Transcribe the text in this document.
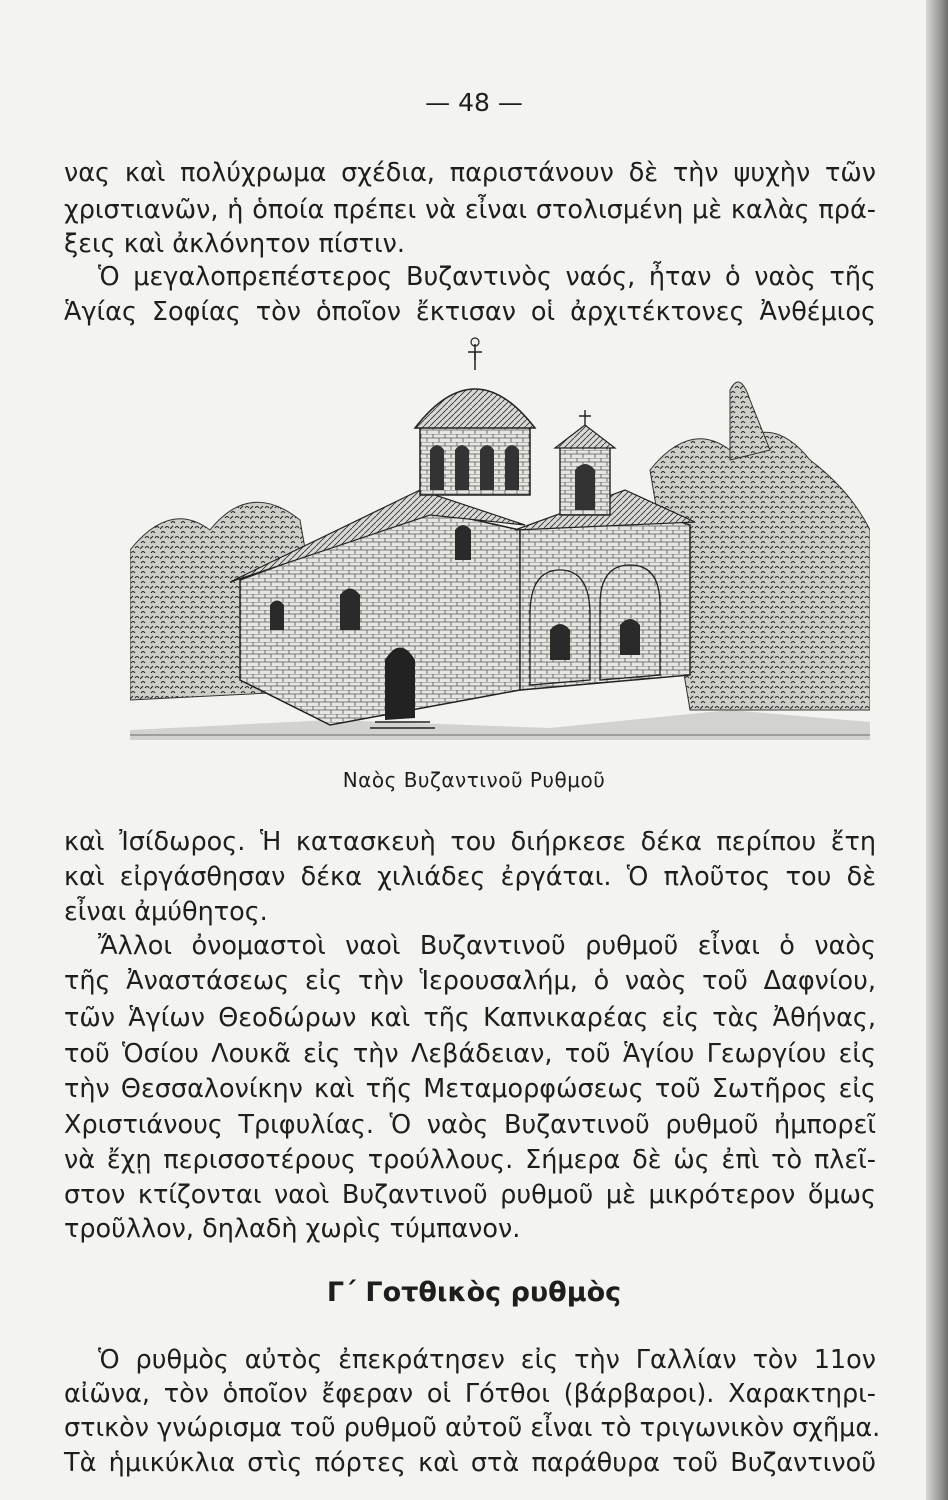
— 48 —
νας καὶ πολύχρωμα σχέδια, παριστάνουν δὲ τὴν ψυχὴν τῶν
χριστιανῶν, ἡ ὁποία πρέπει νὰ εἶναι στολισμένη μὲ καλὰς πρά-
ξεις καὶ ἀκλόνητον πίστιν.
Ὁ μεγαλοπρεπέστερος Βυζαντινὸς ναός, ἦταν ὁ ναὸς τῆς
Ἁγίας Σοφίας τὸν ὁποῖον ἔκτισαν οἱ ἀρχιτέκτονες Ἀνθέμιος
Ναὸς Βυζαντινοῦ Ρυθμοῦ
καὶ Ἰσίδωρος. Ἡ κατασκευὴ του διήρκεσε δέκα περίπου ἔτη
καὶ εἰργάσθησαν δέκα χιλιάδες ἐργάται. Ὁ πλοῦτος του δὲ
εἶναι ἀμύθητος.
Ἄλλοι ὀνομαστοὶ ναοὶ Βυζαντινοῦ ρυθμοῦ εἶναι ὁ ναὸς
τῆς Ἀναστάσεως εἰς τὴν Ἱερουσαλήμ, ὁ ναὸς τοῦ Δαφνίου,
τῶν Ἁγίων Θεοδώρων καὶ τῆς Καπνικαρέας εἰς τὰς Ἀθήνας,
τοῦ Ὁσίου Λουκᾶ εἰς τὴν Λεβάδειαν, τοῦ Ἁγίου Γεωργίου εἰς
τὴν Θεσσαλονίκην καὶ τῆς Μεταμορφώσεως τοῦ Σωτῆρος εἰς
Χριστιάνους Τριφυλίας. Ὁ ναὸς Βυζαντινοῦ ρυθμοῦ ἠμπορεῖ
νὰ ἔχῃ περισσοτέρους τρούλλους. Σήμερα δὲ ὡς ἐπὶ τὸ πλεῖ-
στον κτίζονται ναοὶ Βυζαντινοῦ ρυθμοῦ μὲ μικρότερον ὅμως
τροῦλλον, δηλαδὴ χωρὶς τύμπανον.
Γ΄ Γοτθικὸς ρυθμὸς
Ὁ ρυθμὸς αὐτὸς ἐπεκράτησεν εἰς τὴν Γαλλίαν τὸν 11ον
αἰῶνα, τὸν ὁποῖον ἔφεραν οἱ Γότθοι (βάρβαροι). Χαρακτηρι-
στικὸν γνώρισμα τοῦ ρυθμοῦ αὐτοῦ εἶναι τὸ τριγωνικὸν σχῆμα.
Τὰ ἡμικύκλια στὶς πόρτες καὶ στὰ παράθυρα τοῦ Βυζαντινοῦ
